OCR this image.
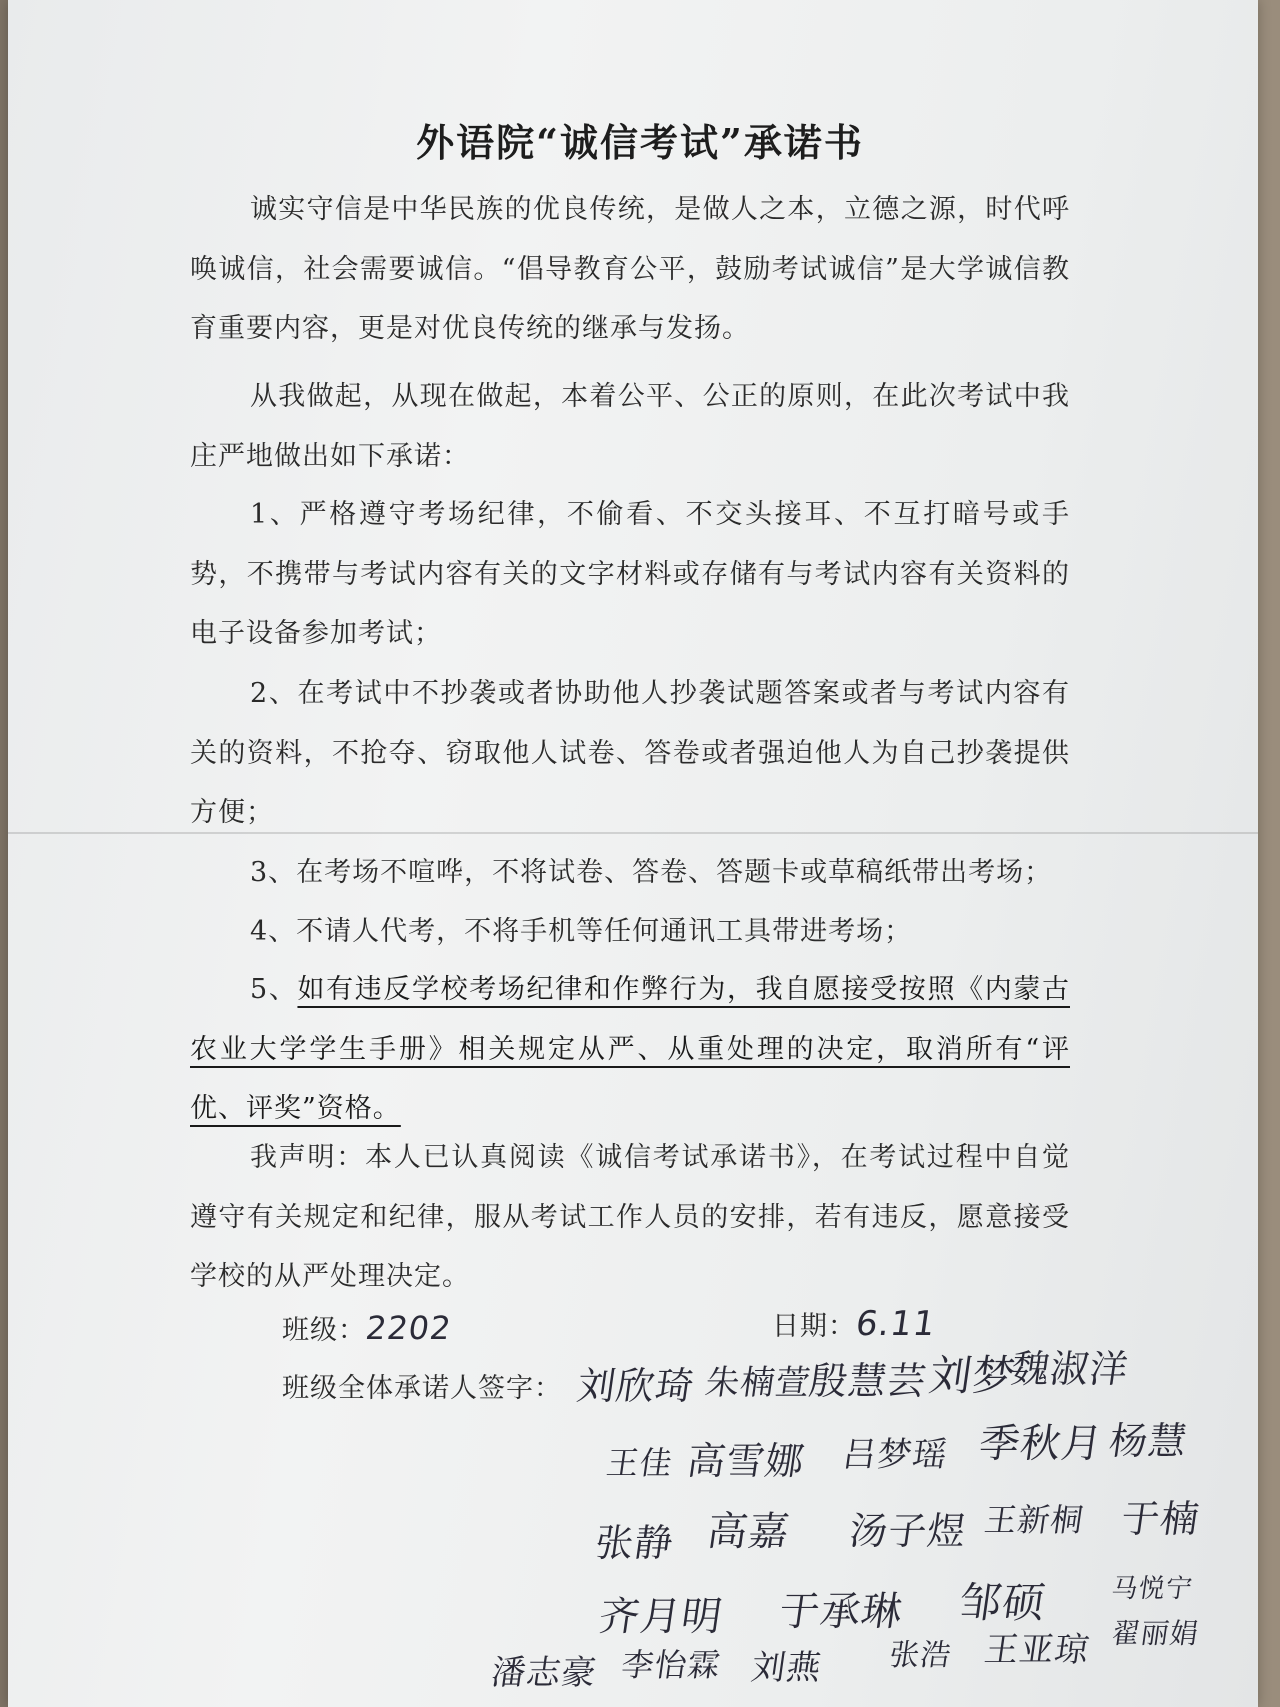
外语院“诚信考试”承诺书
诚实守信是中华民族的优良传统，是做人之本，立德之源，时代呼唤诚信，社会需要诚信。“倡导教育公平，鼓励考试诚信”是大学诚信教育重要内容，更是对优良传统的继承与发扬。
从我做起，从现在做起，本着公平、公正的原则，在此次考试中我庄严地做出如下承诺：
1、严格遵守考场纪律，不偷看、不交头接耳、不互打暗号或手势，不携带与考试内容有关的文字材料或存储有与考试内容有关资料的电子设备参加考试；
2、在考试中不抄袭或者协助他人抄袭试题答案或者与考试内容有关的资料，不抢夺、窃取他人试卷、答卷或者强迫他人为自己抄袭提供方便；
3、在考场不喧哗，不将试卷、答卷、答题卡或草稿纸带出考场；
4、不请人代考，不将手机等任何通讯工具带进考场；
5、如有违反学校考场纪律和作弊行为，我自愿接受按照《内蒙古农业大学学生手册》相关规定从严、从重处理的决定，取消所有“评优、评奖”资格。
我声明：本人已认真阅读《诚信考试承诺书》，在考试过程中自觉遵守有关规定和纪律，服从考试工作人员的安排，若有违反，愿意接受学校的从严处理决定。
班级：2202	日期：6.11
班级全体承诺人签字： 刘欣琦 朱楠萱
殷慧芸
刘梦
魏淑洋
王佳 高雪娜 吕梦瑶 季秋月 杨慧
张静 高嘉 汤子煜 王新桐 于楠
齐月明 于承琳 邹硕 马悦宁
潘志豪 李怡霖 刘燕 张浩 王亚琼 翟丽娟
